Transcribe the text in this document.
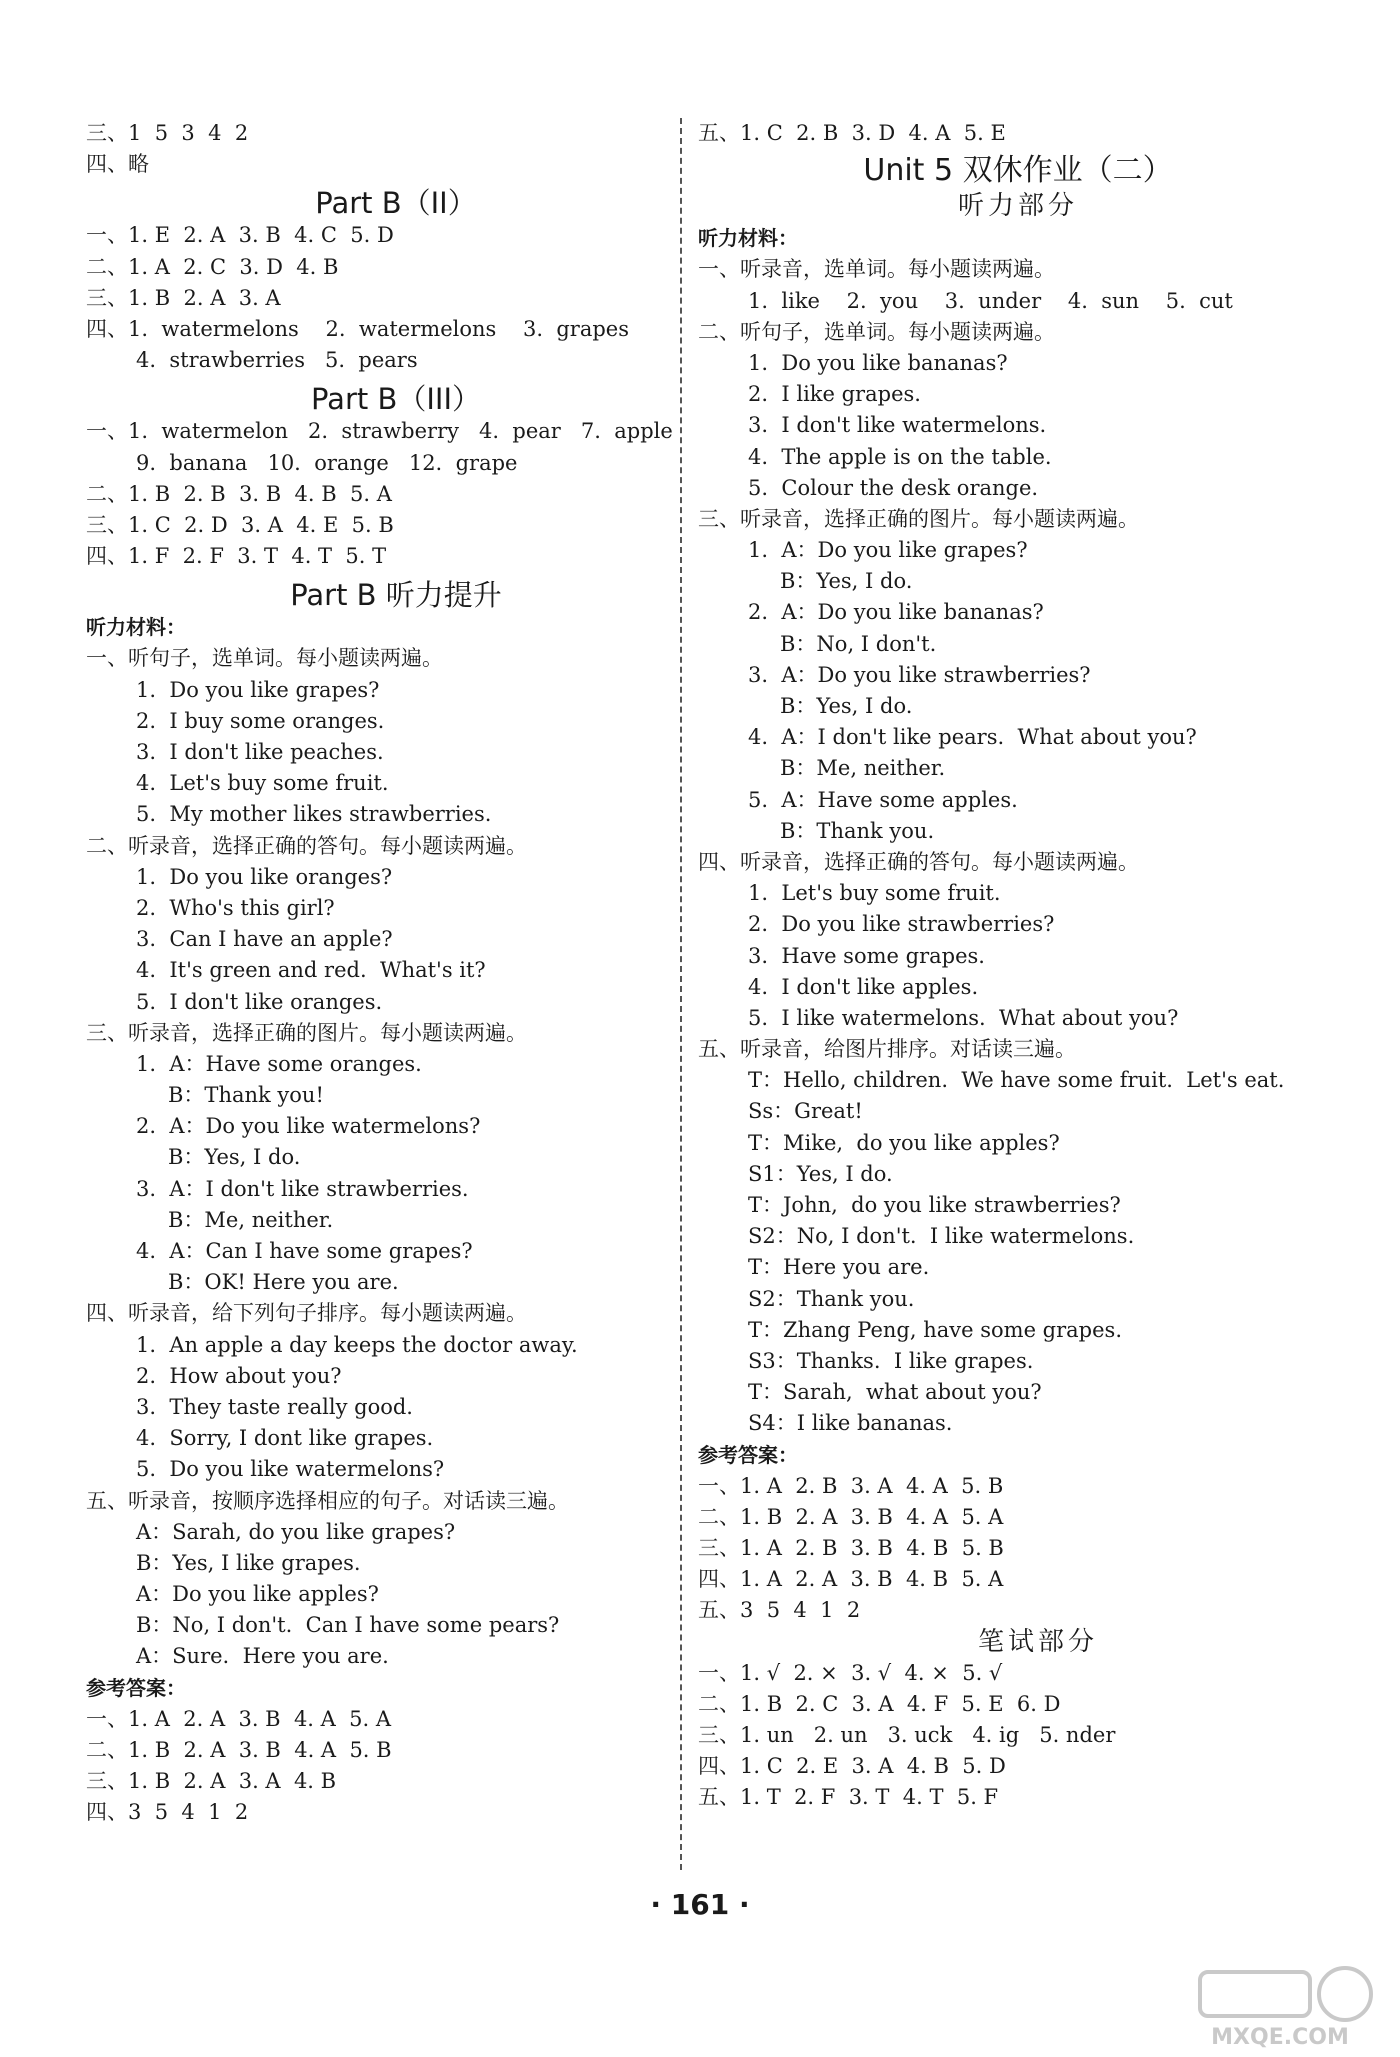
三、1  5  3  4  2
四、略
Part B（II）
一、1. E  2. A  3. B  4. C  5. D
二、1. A  2. C  3. D  4. B
三、1. B  2. A  3. A
四、1.  watermelons    2.  watermelons    3.  grapes
4.  strawberries   5.  pears
Part B（III）
一、1.  watermelon   2.  strawberry   4.  pear   7.  apple
9.  banana   10.  orange   12.  grape
二、1. B  2. B  3. B  4. B  5. A
三、1. C  2. D  3. A  4. E  5. B
四、1. F  2. F  3. T  4. T  5. T
Part B 听力提升
听力材料：
一、听句子，选单词。每小题读两遍。
1.  Do you like grapes?
2.  I buy some oranges.
3.  I don't like peaches.
4.  Let's buy some fruit.
5.  My mother likes strawberries.
二、听录音，选择正确的答句。每小题读两遍。
1.  Do you like oranges?
2.  Who's this girl?
3.  Can I have an apple?
4.  It's green and red.  What's it?
5.  I don't like oranges.
三、听录音，选择正确的图片。每小题读两遍。
1.  A：Have some oranges.
B：Thank you!
2.  A：Do you like watermelons?
B：Yes, I do.
3.  A：I don't like strawberries.
B：Me, neither.
4.  A：Can I have some grapes?
B：OK! Here you are.
四、听录音，给下列句子排序。每小题读两遍。
1.  An apple a day keeps the doctor away.
2.  How about you?
3.  They taste really good.
4.  Sorry, I dont like grapes.
5.  Do you like watermelons?
五、听录音，按顺序选择相应的句子。对话读三遍。
A：Sarah, do you like grapes?
B：Yes, I like grapes.
A：Do you like apples?
B：No, I don't.  Can I have some pears?
A：Sure.  Here you are.
参考答案：
一、1. A  2. A  3. B  4. A  5. A
二、1. B  2. A  3. B  4. A  5. B
三、1. B  2. A  3. A  4. B
四、3  5  4  1  2
五、1. C  2. B  3. D  4. A  5. E
Unit 5 双休作业（二）
听力部分
听力材料：
一、听录音，选单词。每小题读两遍。
1.  like    2.  you    3.  under    4.  sun    5.  cut
二、听句子，选单词。每小题读两遍。
1.  Do you like bananas?
2.  I like grapes.
3.  I don't like watermelons.
4.  The apple is on the table.
5.  Colour the desk orange.
三、听录音，选择正确的图片。每小题读两遍。
1.  A：Do you like grapes?
B：Yes, I do.
2.  A：Do you like bananas?
B：No, I don't.
3.  A：Do you like strawberries?
B：Yes, I do.
4.  A：I don't like pears.  What about you?
B：Me, neither.
5.  A：Have some apples.
B：Thank you.
四、听录音，选择正确的答句。每小题读两遍。
1.  Let's buy some fruit.
2.  Do you like strawberries?
3.  Have some grapes.
4.  I don't like apples.
5.  I like watermelons.  What about you?
五、听录音，给图片排序。对话读三遍。
T：Hello, children.  We have some fruit.  Let's eat.
Ss：Great!
T：Mike,  do you like apples?
S1：Yes, I do.
T：John,  do you like strawberries?
S2：No, I don't.  I like watermelons.
T：Here you are.
S2：Thank you.
T：Zhang Peng, have some grapes.
S3：Thanks.  I like grapes.
T：Sarah,  what about you?
S4：I like bananas.
参考答案：
一、1. A  2. B  3. A  4. A  5. B
二、1. B  2. A  3. B  4. A  5. A
三、1. A  2. B  3. B  4. B  5. B
四、1. A  2. A  3. B  4. B  5. A
五、3  5  4  1  2
笔试部分
一、1. √  2. ×  3. √  4. ×  5. √
二、1. B  2. C  3. A  4. F  5. E  6. D
三、1. un   2. un   3. uck   4. ig   5. nder
四、1. C  2. E  3. A  4. B  5. D
五、1. T  2. F  3. T  4. T  5. F
· 161 ·
MXQE.COM
